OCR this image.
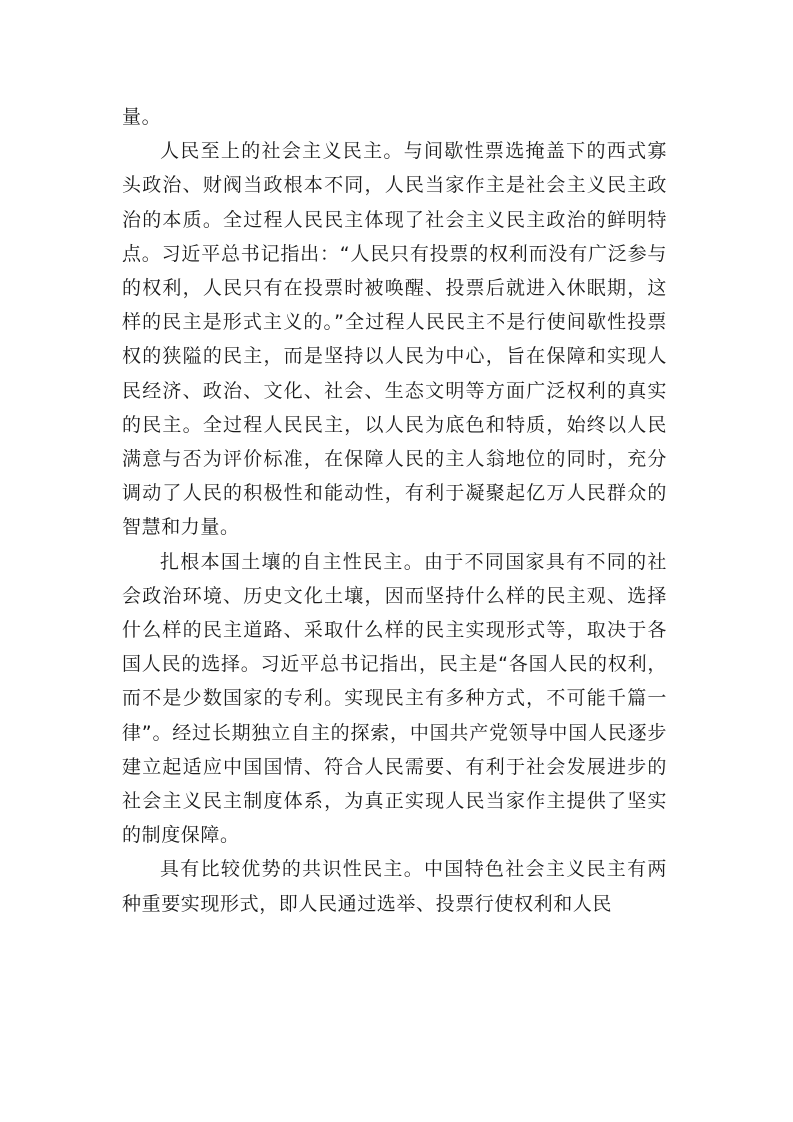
量。

人民至上的社会主义民主。与间歇性票选掩盖下的西式寡头政治、财阀当政根本不同，人民当家作主是社会主义民主政治的本质。全过程人民民主体现了社会主义民主政治的鲜明特点。习近平总书记指出：“人民只有投票的权利而没有广泛参与的权利，人民只有在投票时被唤醒、投票后就进入休眠期，这样的民主是形式主义的。”全过程人民民主不是行使间歇性投票权的狭隘的民主，而是坚持以人民为中心，旨在保障和实现人民经济、政治、文化、社会、生态文明等方面广泛权利的真实的民主。全过程人民民主，以人民为底色和特质，始终以人民满意与否为评价标准，在保障人民的主人翁地位的同时，充分调动了人民的积极性和能动性，有利于凝聚起亿万人民群众的智慧和力量。

扎根本国土壤的自主性民主。由于不同国家具有不同的社会政治环境、历史文化土壤，因而坚持什么样的民主观、选择什么样的民主道路、采取什么样的民主实现形式等，取决于各国人民的选择。习近平总书记指出，民主是“各国人民的权利，而不是少数国家的专利。实现民主有多种方式，不可能千篇一律”。经过长期独立自主的探索，中国共产党领导中国人民逐步建立起适应中国国情、符合人民需要、有利于社会发展进步的社会主义民主制度体系，为真正实现人民当家作主提供了坚实的制度保障。

具有比较优势的共识性民主。中国特色社会主义民主有两种重要实现形式，即人民通过选举、投票行使权利和人民
